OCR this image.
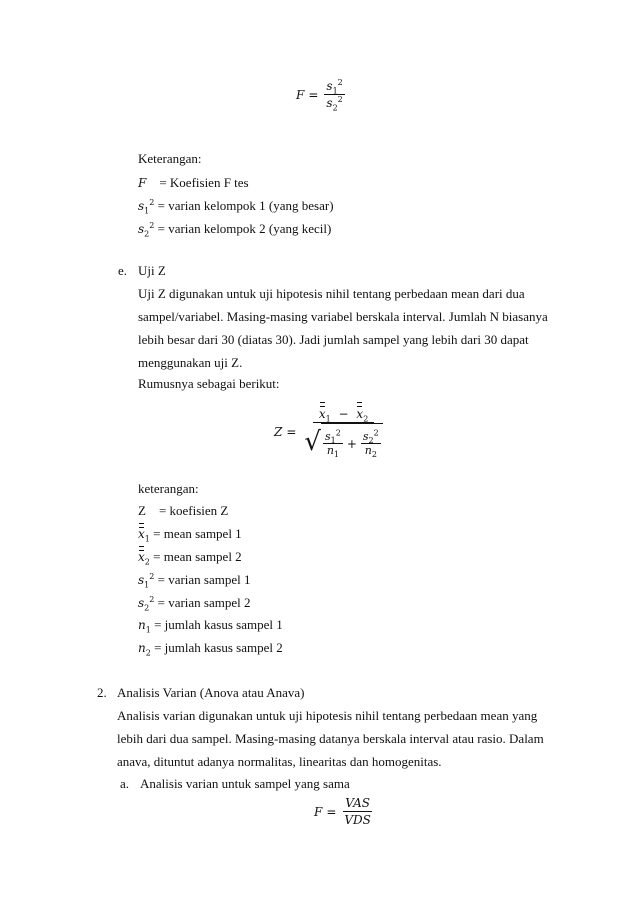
$F = \frac{s_1^2}{s_2^2}$
Keterangan:
F = Koefisien F tes
$s_1^2$ = varian kelompok 1 (yang besar)
$s_2^2$ = varian kelompok 2 (yang kecil)
e. Uji Z
Uji Z digunakan untuk uji hipotesis nihil tentang perbedaan mean dari dua
sampel/variabel. Masing-masing variabel berskala interval. Jumlah N biasanya
lebih besar dari 30 (diatas 30). Jadi jumlah sampel yang lebih dari 30 dapat
menggunakan uji Z.
Rumusnya sebagai berikut:
Z =
$x_1 - x_2$
√ $\frac{s_1^2}{n_1} + \frac{s_2^2}{n_2}$
keterangan:
Z = koefisien Z
$x_1$ = mean sampel 1
$x_2$ = mean sampel 2
$s_1^2$ = varian sampel 1
$s_2^2$ = varian sampel 2
$n_1$ = jumlah kasus sampel 1
$n_2$ = jumlah kasus sampel 2
2. Analisis Varian (Anova atau Anava)
Analisis varian digunakan untuk uji hipotesis nihil tentang perbedaan mean yang
lebih dari dua sampel. Masing-masing datanya berskala interval atau rasio. Dalam
anava, dituntut adanya normalitas, linearitas dan homogenitas.
a. Analisis varian untuk sampel yang sama
$F = \frac{\text{VAS}}{\text{VDS}}$
